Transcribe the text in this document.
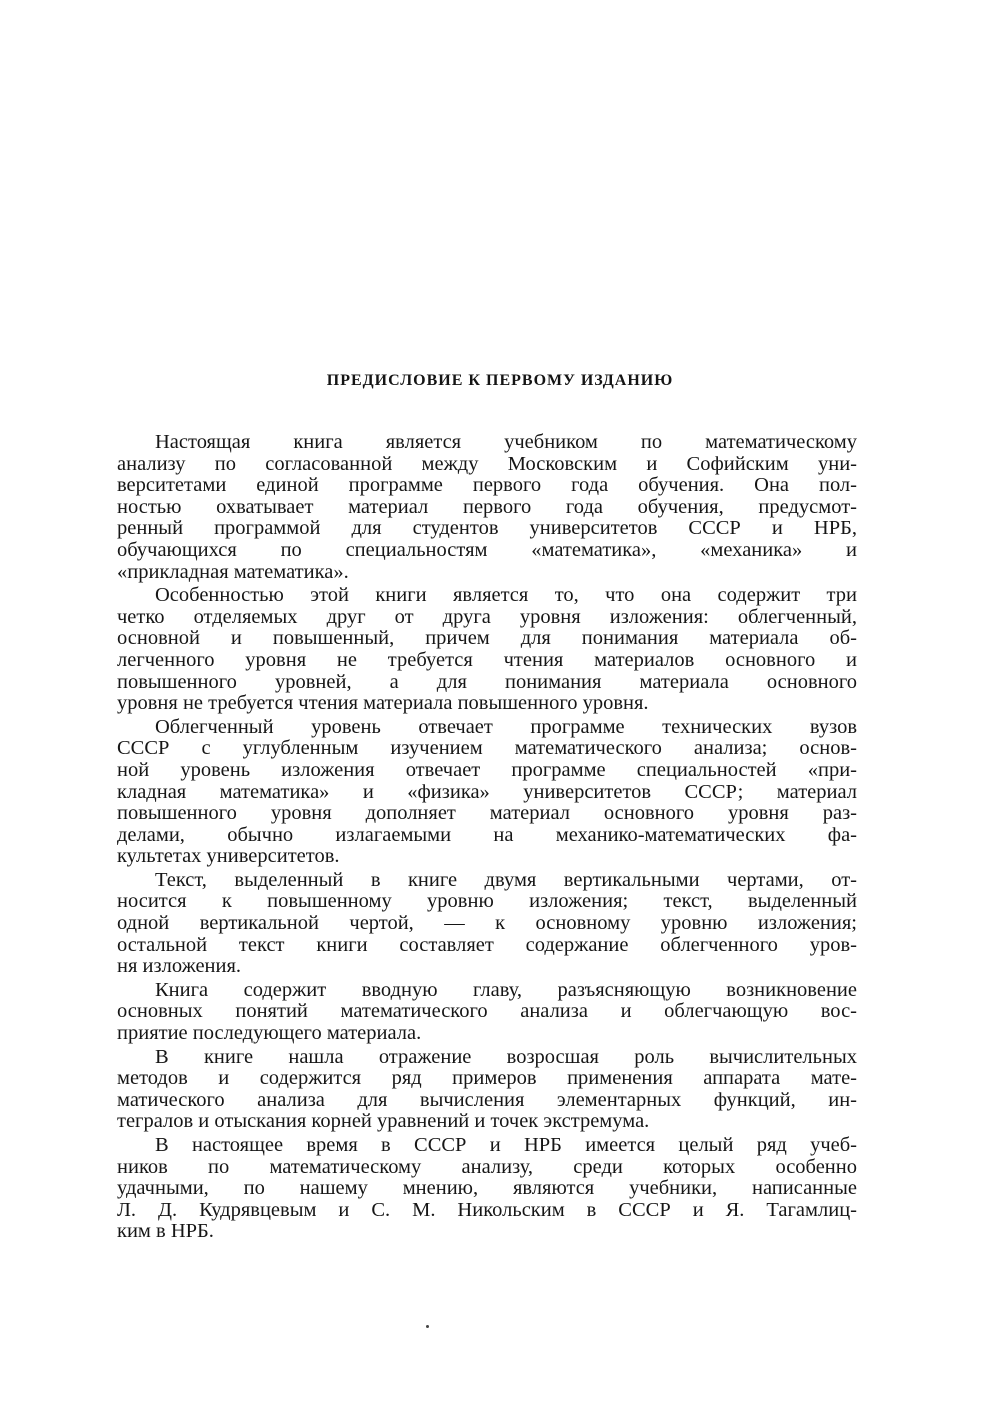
ПРЕДИСЛОВИЕ К ПЕРВОМУ ИЗДАНИЮ
Настоящая книга является учебником по математическому
анализу по согласованной между Московским и Софийским уни-
верситетами единой программе первого года обучения. Она пол-
ностью охватывает материал первого года обучения, предусмот-
ренный программой для студентов университетов СССР и НРБ,
обучающихся по специальностям «математика», «механика» и
«прикладная математика».
Особенностью этой книги является то, что она содержит три
четко отделяемых друг от друга уровня изложения: облегченный,
основной и повышенный, причем для понимания материала об-
легченного уровня не требуется чтения материалов основного и
повышенного уровней, а для понимания материала основного
уровня не требуется чтения материала повышенного уровня.
Облегченный уровень отвечает программе технических вузов
СССР с углубленным изучением математического анализа; основ-
ной уровень изложения отвечает программе специальностей «при-
кладная математика» и «физика» университетов СССР; материал
повышенного уровня дополняет материал основного уровня раз-
делами, обычно излагаемыми на механико-математических фа-
культетах университетов.
Текст, выделенный в книге двумя вертикальными чертами, от-
носится к повышенному уровню изложения; текст, выделенный
одной вертикальной чертой, — к основному уровню изложения;
остальной текст книги составляет содержание облегченного уров-
ня изложения.
Книга содержит вводную главу, разъясняющую возникновение
основных понятий математического анализа и облегчающую вос-
приятие последующего материала.
В книге нашла отражение возросшая роль вычислительных
методов и содержится ряд примеров применения аппарата мате-
матического анализа для вычисления элементарных функций, ин-
тегралов и отыскания корней уравнений и точек экстремума.
В настоящее время в СССР и НРБ имеется целый ряд учеб-
ников по математическому анализу, среди которых особенно
удачными, по нашему мнению, являются учебники, написанные
Л. Д. Кудрявцевым и С. М. Никольским в СССР и Я. Тагамлиц-
ким в НРБ.
